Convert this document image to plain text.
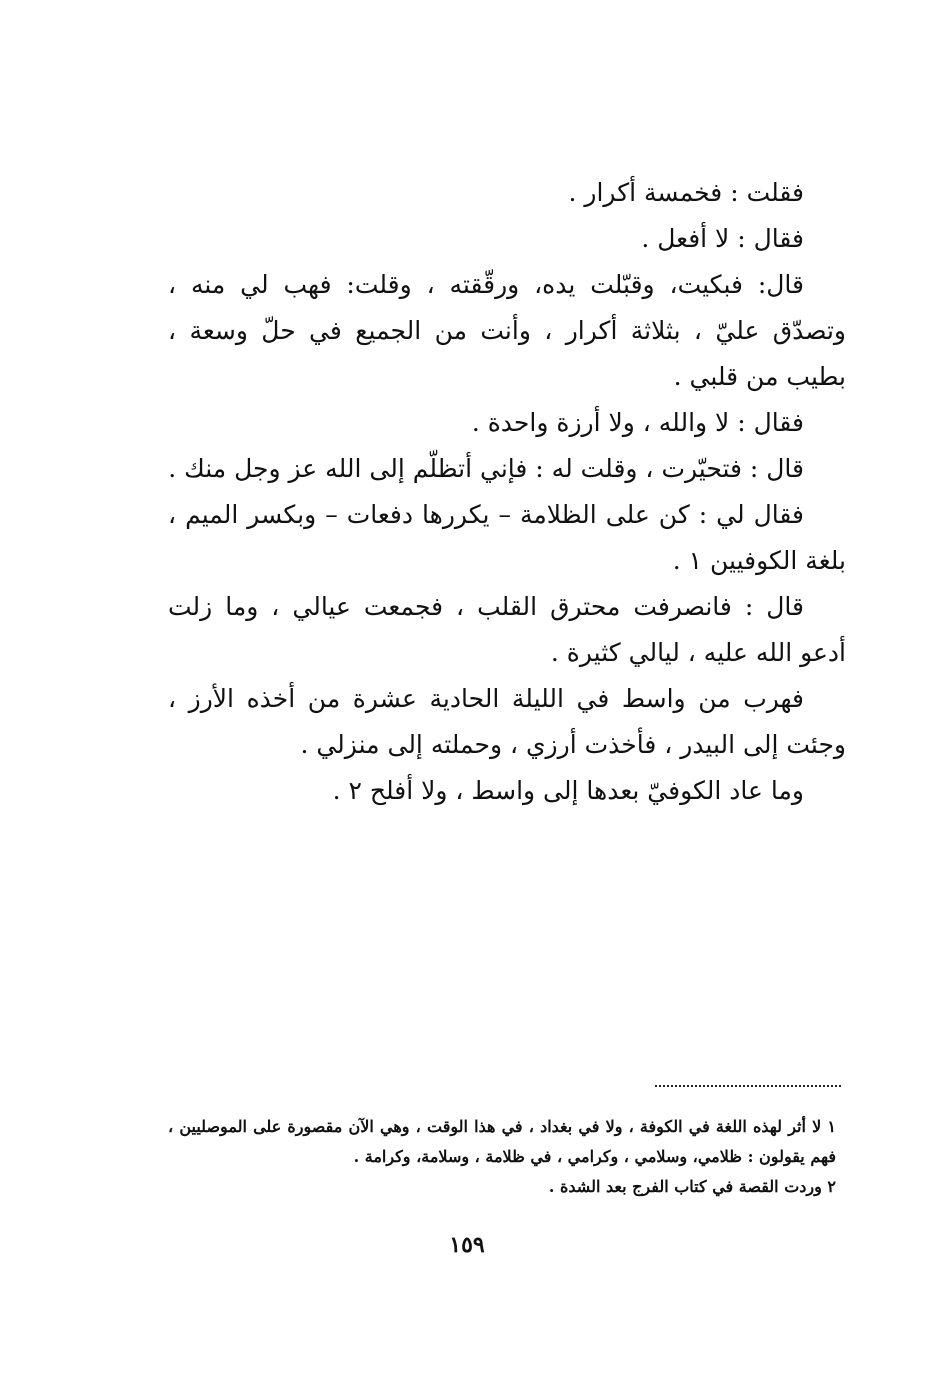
فقلت : فخمسة أكرار .

فقال : لا أفعل .

قال: فبكيت، وقبّلت يده، ورقّقته ، وقلت: فهب لي منه ، وتصدّق عليّ ، بثلاثة أكرار ، وأنت من الجميع في حلّ وسعة ، بطيب من قلبي .

فقال : لا والله ، ولا أرزة واحدة .

قال : فتحيّرت ، وقلت له : فإني أتظلّم إلى الله عز وجل منك .

فقال لي : كن على الظلامة – يكررها دفعات – وبكسر الميم ، بلغة الكوفيين ١ .

قال : فانصرفت محترق القلب ، فجمعت عيالي ، وما زلت أدعو الله عليه ، ليالي كثيرة .

فهرب من واسط في الليلة الحادية عشرة من أخذه الأرز ، وجئت إلى البيدر ، فأخذت أرزي ، وحملته إلى منزلي .

وما عاد الكوفيّ بعدها إلى واسط ، ولا أفلح ٢ .

١ لا أثر لهذه اللغة في الكوفة ، ولا في بغداد ، في هذا الوقت ، وهي الآن مقصورة على الموصليين ، فهم يقولون : ظلامي، وسلامي ، وكرامي ، في ظلامة ، وسلامة، وكرامة .

٢ وردت القصة في كتاب الفرج بعد الشدة .

١٥٩
